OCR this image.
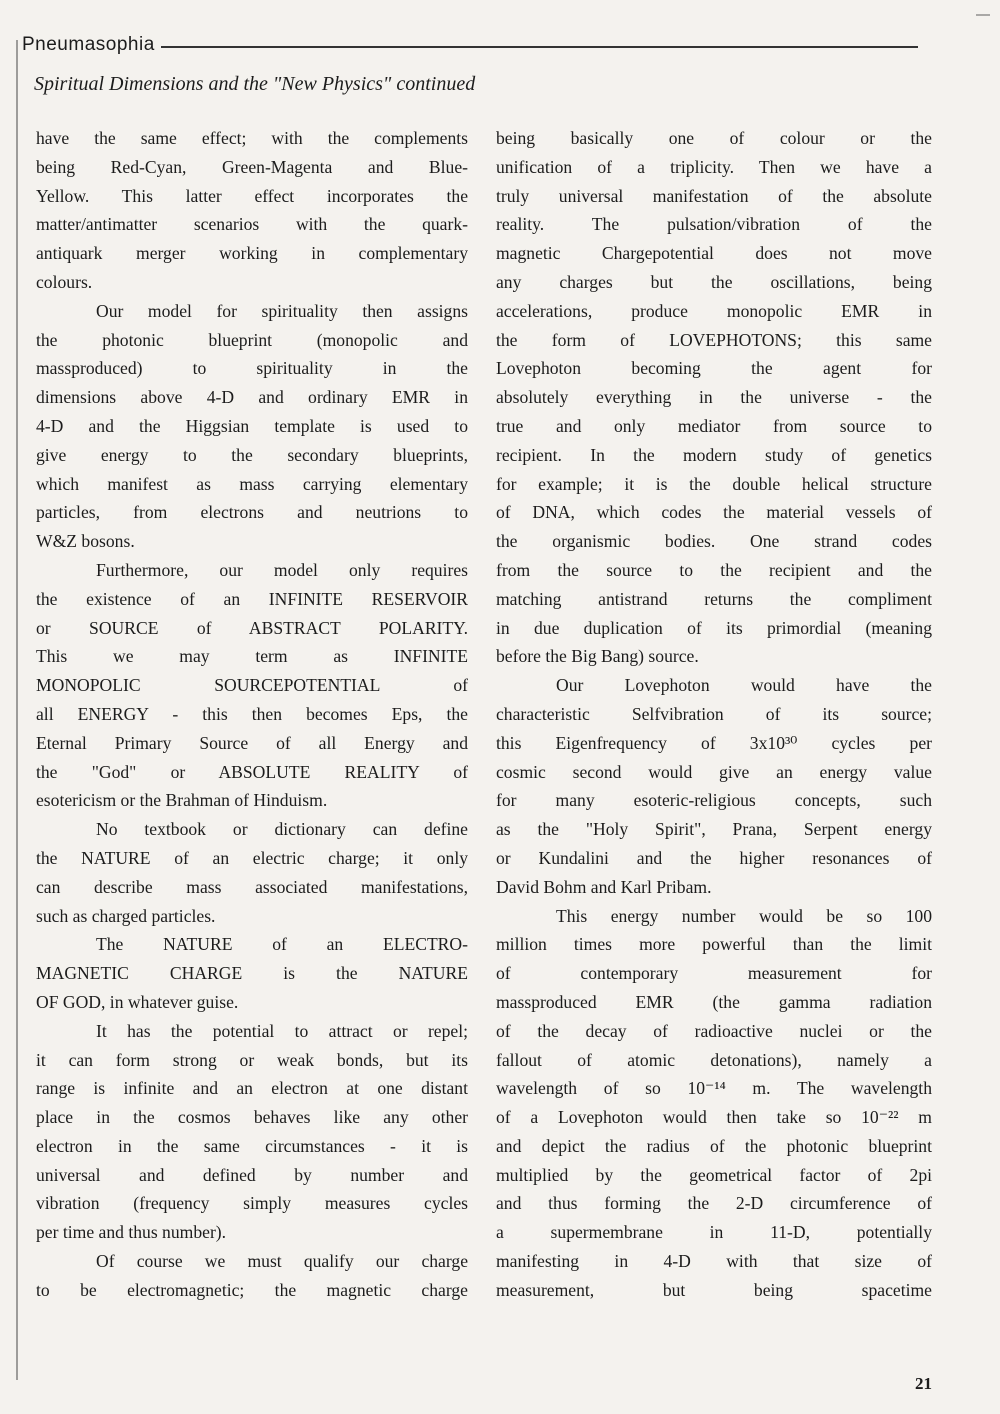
Pneumasophia
Spiritual Dimensions and the "New Physics" continued
have the same effect; with the complements
being Red-Cyan, Green-Magenta and Blue-
Yellow. This latter effect incorporates the
matter/antimatter scenarios with the quark-
antiquark merger working in complementary
colours.
Our model for spirituality then assigns
the photonic blueprint (monopolic and
massproduced) to spirituality in the
dimensions above 4-D and ordinary EMR in
4-D and the Higgsian template is used to
give energy to the secondary blueprints,
which manifest as mass carrying elementary
particles, from electrons and neutrions to
W&Z bosons.
Furthermore, our model only requires
the existence of an INFINITE RESERVOIR
or SOURCE of ABSTRACT POLARITY.
This we may term as INFINITE
MONOPOLIC SOURCEPOTENTIAL of
all ENERGY - this then becomes Eps, the
Eternal Primary Source of all Energy and
the "God" or ABSOLUTE REALITY of
esotericism or the Brahman of Hinduism.
No textbook or dictionary can define
the NATURE of an electric charge; it only
can describe mass associated manifestations,
such as charged particles.
The NATURE of an ELECTRO-
MAGNETIC CHARGE is the NATURE
OF GOD, in whatever guise.
It has the potential to attract or repel;
it can form strong or weak bonds, but its
range is infinite and an electron at one distant
place in the cosmos behaves like any other
electron in the same circumstances - it is
universal and defined by number and
vibration (frequency simply measures cycles
per time and thus number).
Of course we must qualify our charge
to be electromagnetic; the magnetic charge
being basically one of colour or the
unification of a triplicity. Then we have a
truly universal manifestation of the absolute
reality. The pulsation/vibration of the
magnetic Chargepotential does not move
any charges but the oscillations, being
accelerations, produce monopolic EMR in
the form of LOVEPHOTONS; this same
Lovephoton becoming the agent for
absolutely everything in the universe - the
true and only mediator from source to
recipient. In the modern study of genetics
for example; it is the double helical structure
of DNA, which codes the material vessels of
the organismic bodies. One strand codes
from the source to the recipient and the
matching antistrand returns the compliment
in due duplication of its primordial (meaning
before the Big Bang) source.
Our Lovephoton would have the
characteristic Selfvibration of its source;
this Eigenfrequency of 3x10³⁰ cycles per
cosmic second would give an energy value
for many esoteric-religious concepts, such
as the "Holy Spirit", Prana, Serpent energy
or Kundalini and the higher resonances of
David Bohm and Karl Pribam.
This energy number would be so 100
million times more powerful than the limit
of contemporary measurement for
massproduced EMR (the gamma radiation
of the decay of radioactive nuclei or the
fallout of atomic detonations), namely a
wavelength of so 10⁻¹⁴ m. The wavelength
of a Lovephoton would then take so 10⁻²² m
and depict the radius of the photonic blueprint
multiplied by the geometrical factor of 2pi
and thus forming the 2-D circumference of
a supermembrane in 11-D, potentially
manifesting in 4-D with that size of
measurement, but being spacetime
21
